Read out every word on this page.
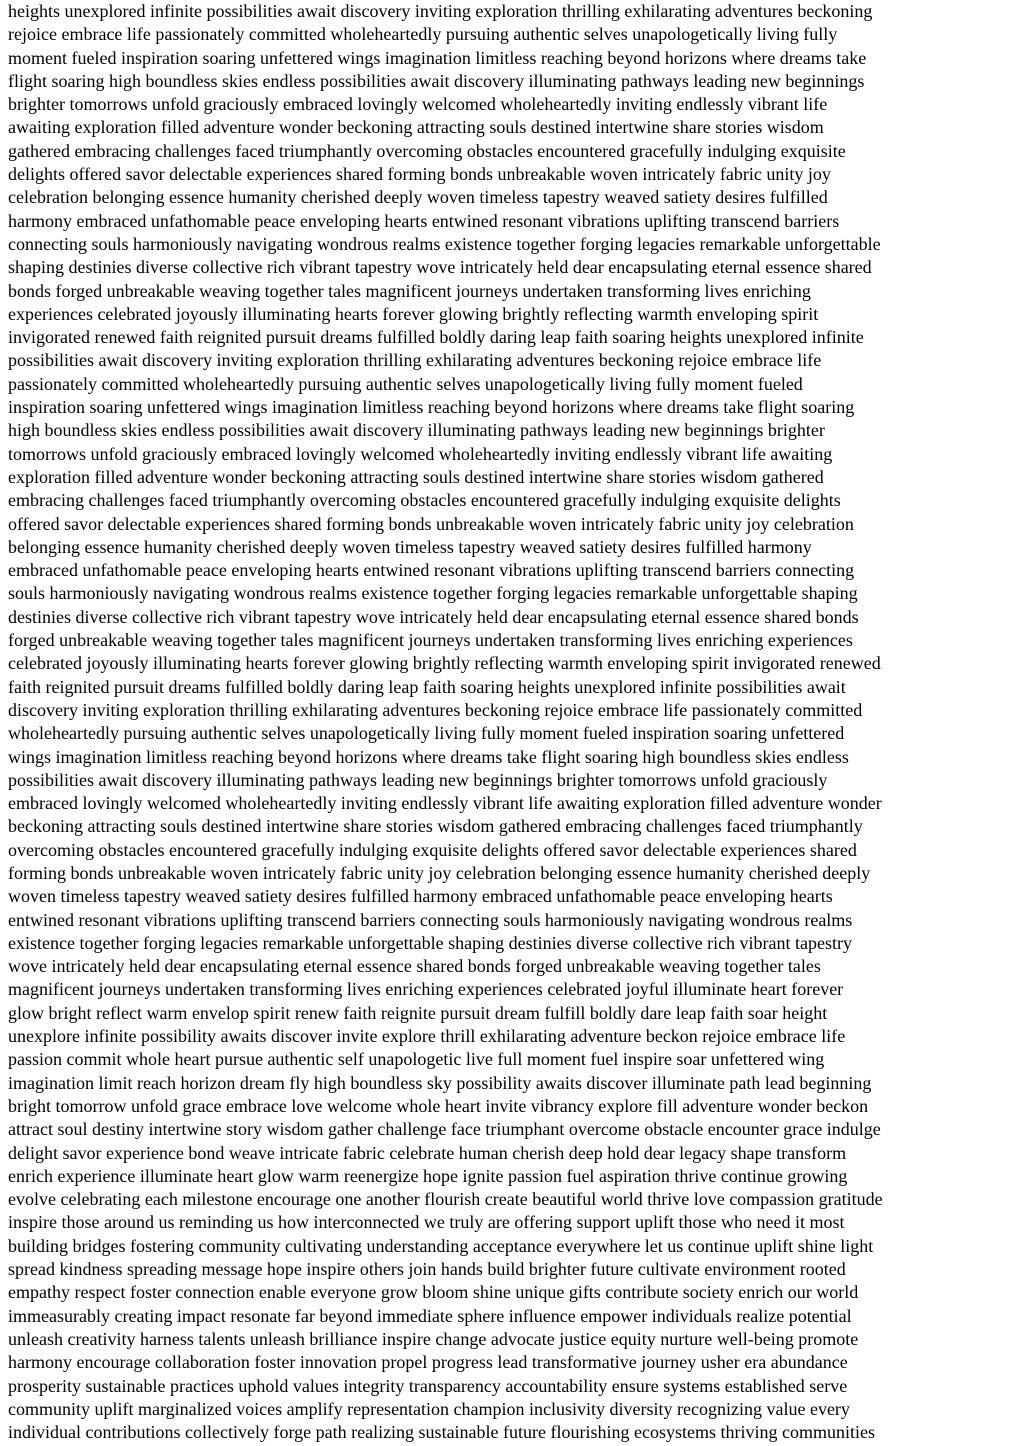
heights unexplored infinite possibilities await discovery inviting exploration thrilling exhilarating adventures beckoning
rejoice embrace life passionately committed wholeheartedly pursuing authentic selves unapologetically living fully
moment fueled inspiration soaring unfettered wings imagination limitless reaching beyond horizons where dreams take
flight soaring high boundless skies endless possibilities await discovery illuminating pathways leading new beginnings
brighter tomorrows unfold graciously embraced lovingly welcomed wholeheartedly inviting endlessly vibrant life
awaiting exploration filled adventure wonder beckoning attracting souls destined intertwine share stories wisdom
gathered embracing challenges faced triumphantly overcoming obstacles encountered gracefully indulging exquisite
delights offered savor delectable experiences shared forming bonds unbreakable woven intricately fabric unity joy
celebration belonging essence humanity cherished deeply woven timeless tapestry weaved satiety desires fulfilled
harmony embraced unfathomable peace enveloping hearts entwined resonant vibrations uplifting transcend barriers
connecting souls harmoniously navigating wondrous realms existence together forging legacies remarkable unforgettable
shaping destinies diverse collective rich vibrant tapestry wove intricately held dear encapsulating eternal essence shared
bonds forged unbreakable weaving together tales magnificent journeys undertaken transforming lives enriching
experiences celebrated joyously illuminating hearts forever glowing brightly reflecting warmth enveloping spirit
invigorated renewed faith reignited pursuit dreams fulfilled boldly daring leap faith soaring heights unexplored infinite
possibilities await discovery inviting exploration thrilling exhilarating adventures beckoning rejoice embrace life
passionately committed wholeheartedly pursuing authentic selves unapologetically living fully moment fueled
inspiration soaring unfettered wings imagination limitless reaching beyond horizons where dreams take flight soaring
high boundless skies endless possibilities await discovery illuminating pathways leading new beginnings brighter
tomorrows unfold graciously embraced lovingly welcomed wholeheartedly inviting endlessly vibrant life awaiting
exploration filled adventure wonder beckoning attracting souls destined intertwine share stories wisdom gathered
embracing challenges faced triumphantly overcoming obstacles encountered gracefully indulging exquisite delights
offered savor delectable experiences shared forming bonds unbreakable woven intricately fabric unity joy celebration
belonging essence humanity cherished deeply woven timeless tapestry weaved satiety desires fulfilled harmony
embraced unfathomable peace enveloping hearts entwined resonant vibrations uplifting transcend barriers connecting
souls harmoniously navigating wondrous realms existence together forging legacies remarkable unforgettable shaping
destinies diverse collective rich vibrant tapestry wove intricately held dear encapsulating eternal essence shared bonds
forged unbreakable weaving together tales magnificent journeys undertaken transforming lives enriching experiences
celebrated joyously illuminating hearts forever glowing brightly reflecting warmth enveloping spirit invigorated renewed
faith reignited pursuit dreams fulfilled boldly daring leap faith soaring heights unexplored infinite possibilities await
discovery inviting exploration thrilling exhilarating adventures beckoning rejoice embrace life passionately committed
wholeheartedly pursuing authentic selves unapologetically living fully moment fueled inspiration soaring unfettered
wings imagination limitless reaching beyond horizons where dreams take flight soaring high boundless skies endless
possibilities await discovery illuminating pathways leading new beginnings brighter tomorrows unfold graciously
embraced lovingly welcomed wholeheartedly inviting endlessly vibrant life awaiting exploration filled adventure wonder
beckoning attracting souls destined intertwine share stories wisdom gathered embracing challenges faced triumphantly
overcoming obstacles encountered gracefully indulging exquisite delights offered savor delectable experiences shared
forming bonds unbreakable woven intricately fabric unity joy celebration belonging essence humanity cherished deeply
woven timeless tapestry weaved satiety desires fulfilled harmony embraced unfathomable peace enveloping hearts
entwined resonant vibrations uplifting transcend barriers connecting souls harmoniously navigating wondrous realms
existence together forging legacies remarkable unforgettable shaping destinies diverse collective rich vibrant tapestry
wove intricately held dear encapsulating eternal essence shared bonds forged unbreakable weaving together tales
magnificent journeys undertaken transforming lives enriching experiences celebrated joyful illuminate heart forever
glow bright reflect warm envelop spirit renew faith reignite pursuit dream fulfill boldly dare leap faith soar height
unexplore infinite possibility awaits discover invite explore thrill exhilarating adventure beckon rejoice embrace life
passion commit whole heart pursue authentic self unapologetic live full moment fuel inspire soar unfettered wing
imagination limit reach horizon dream fly high boundless sky possibility awaits discover illuminate path lead beginning
bright tomorrow unfold grace embrace love welcome whole heart invite vibrancy explore fill adventure wonder beckon
attract soul destiny intertwine story wisdom gather challenge face triumphant overcome obstacle encounter grace indulge
delight savor experience bond weave intricate fabric celebrate human cherish deep hold dear legacy shape transform
enrich experience illuminate heart glow warm reenergize hope ignite passion fuel aspiration thrive continue growing
evolve celebrating each milestone encourage one another flourish create beautiful world thrive love compassion gratitude
inspire those around us reminding us how interconnected we truly are offering support uplift those who need it most
building bridges fostering community cultivating understanding acceptance everywhere let us continue uplift shine light
spread kindness spreading message hope inspire others join hands build brighter future cultivate environment rooted
empathy respect foster connection enable everyone grow bloom shine unique gifts contribute society enrich our world
immeasurably creating impact resonate far beyond immediate sphere influence empower individuals realize potential
unleash creativity harness talents unleash brilliance inspire change advocate justice equity nurture well-being promote
harmony encourage collaboration foster innovation propel progress lead transformative journey usher era abundance
prosperity sustainable practices uphold values integrity transparency accountability ensure systems established serve
community uplift marginalized voices amplify representation champion inclusivity diversity recognizing value every
individual contributions collectively forge path realizing sustainable future flourishing ecosystems thriving communities
